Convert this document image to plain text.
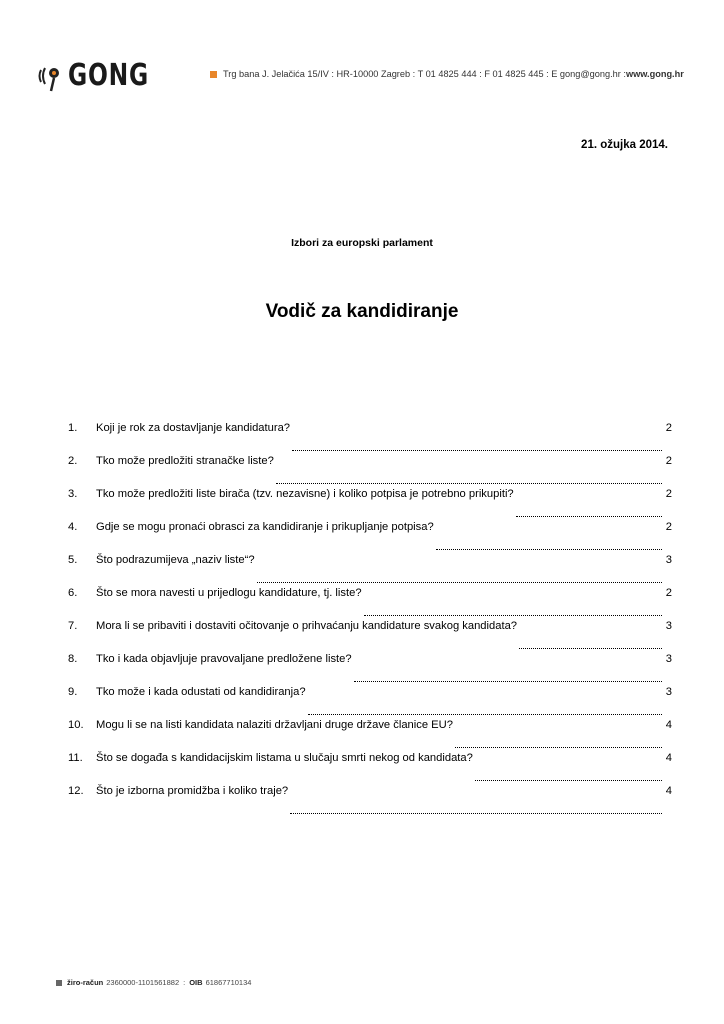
GONG	Trg bana J. Jelačića 15/IV : HR-10000 Zagreb : T 01 4825 444 : F 01 4825 445 : E gong@gong.hr : www.gong.hr
21. ožujka 2014.
Izbori za europski parlament
Vodič za kandidiranje
1.	Koji je rok za dostavljanje kandidatura?	2
2.	Tko može predložiti stranačke liste?	2
3.	Tko može predložiti liste birača (tzv. nezavisne) i koliko potpisa je potrebno prikupiti?	2
4.	Gdje se mogu pronaći obrasci za kandidiranje i prikupljanje potpisa?	2
5.	Što podrazumijeva „naziv liste“?	3
6.	Što se mora navesti u prijedlogu kandidature, tj. liste?	2
7.	Mora li se pribaviti i dostaviti očitovanje o prihvaćanju kandidature svakog kandidata?	3
8.	Tko i kada objavljuje pravovaljane predložene liste?	3
9.	Tko može i kada odustati od kandidiranja?	3
10.	Mogu li se na listi kandidata nalaziti državljani druge države članice EU?	4
11.	Što se događa s kandidacijskim listama u slučaju smrti nekog od kandidata?	4
12.	Što je izborna promidžba i koliko traje?	4
žiro-račun 2360000-1101561882 : OIB 61867710134
